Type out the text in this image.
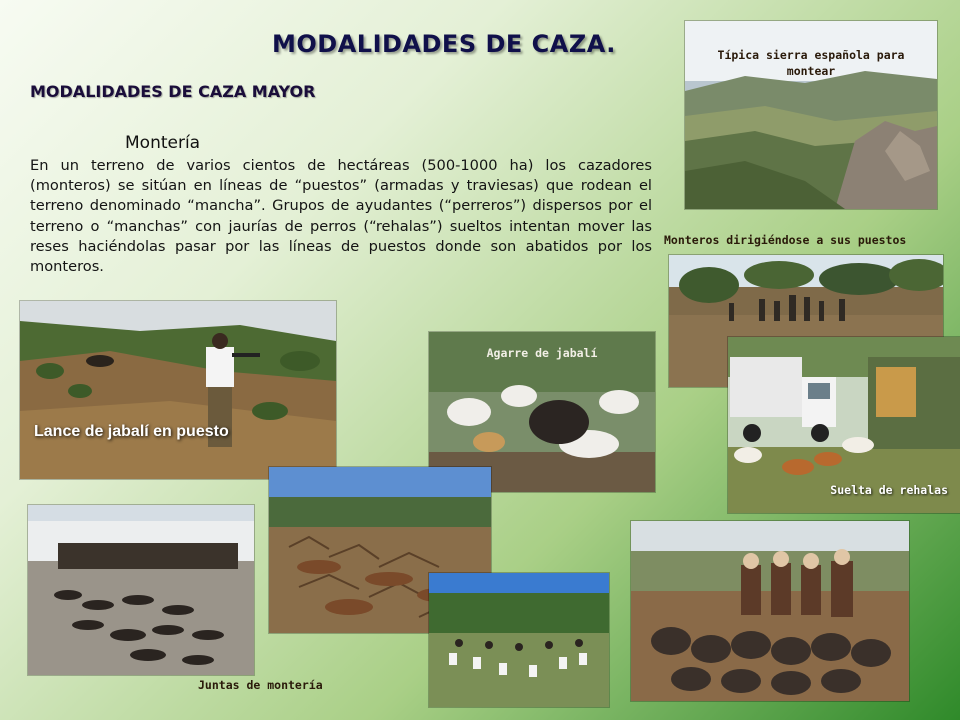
MODALIDADES DE CAZA.
MODALIDADES DE CAZA MAYOR
Montería
En un terreno de varios cientos de hectáreas (500-1000 ha) los cazadores (monteros) se sitúan en líneas de “puestos” (armadas y traviesas) que rodean el terreno denominado “mancha”. Grupos de ayudantes (“perreros”) dispersos por el terreno o “manchas” con jaurías de perros (“rehalas”) sueltos intentan mover las reses haciéndolas pasar por las líneas de puestos donde son abatidos por los monteros.
Típica sierra española para montear
Monteros dirigiéndose a sus puestos
Suelta de rehalas
Lance de jabalí en puesto
Agarre de jabalí
Juntas de montería
